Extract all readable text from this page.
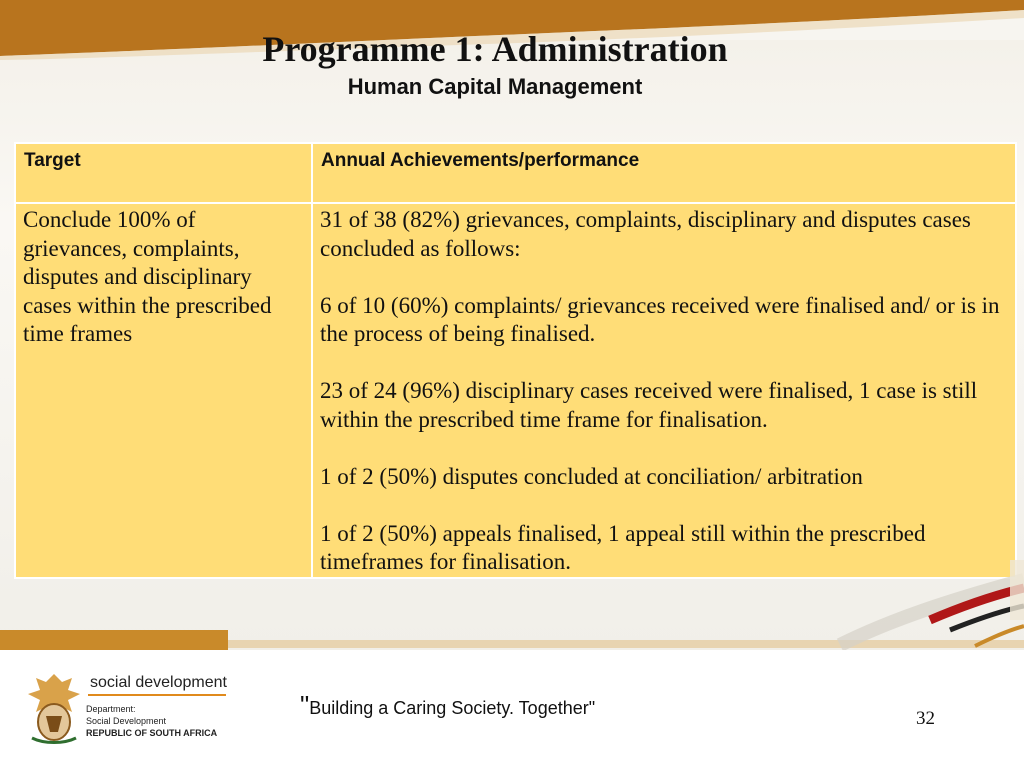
Programme 1: Administration
Human Capital Management
Target	Annual Achievements/performance

Conclude 100% of grievances, complaints, disputes and disciplinary cases within the prescribed time frames	31 of 38 (82%) grievances, complaints, disciplinary and disputes cases concluded as follows:

6 of 10 (60%) complaints/ grievances received were finalised and/ or is in the process of being finalised.

23 of 24 (96%) disciplinary cases received were finalised, 1 case is still within the prescribed time frame for finalisation.

1 of 2 (50%) disputes concluded at conciliation/ arbitration

1 of 2 (50%) appeals finalised, 1 appeal still within the prescribed timeframes for finalisation.

social development
Department:
Social Development
REPUBLIC OF SOUTH AFRICA
"Building a Caring Society. Together"	32
